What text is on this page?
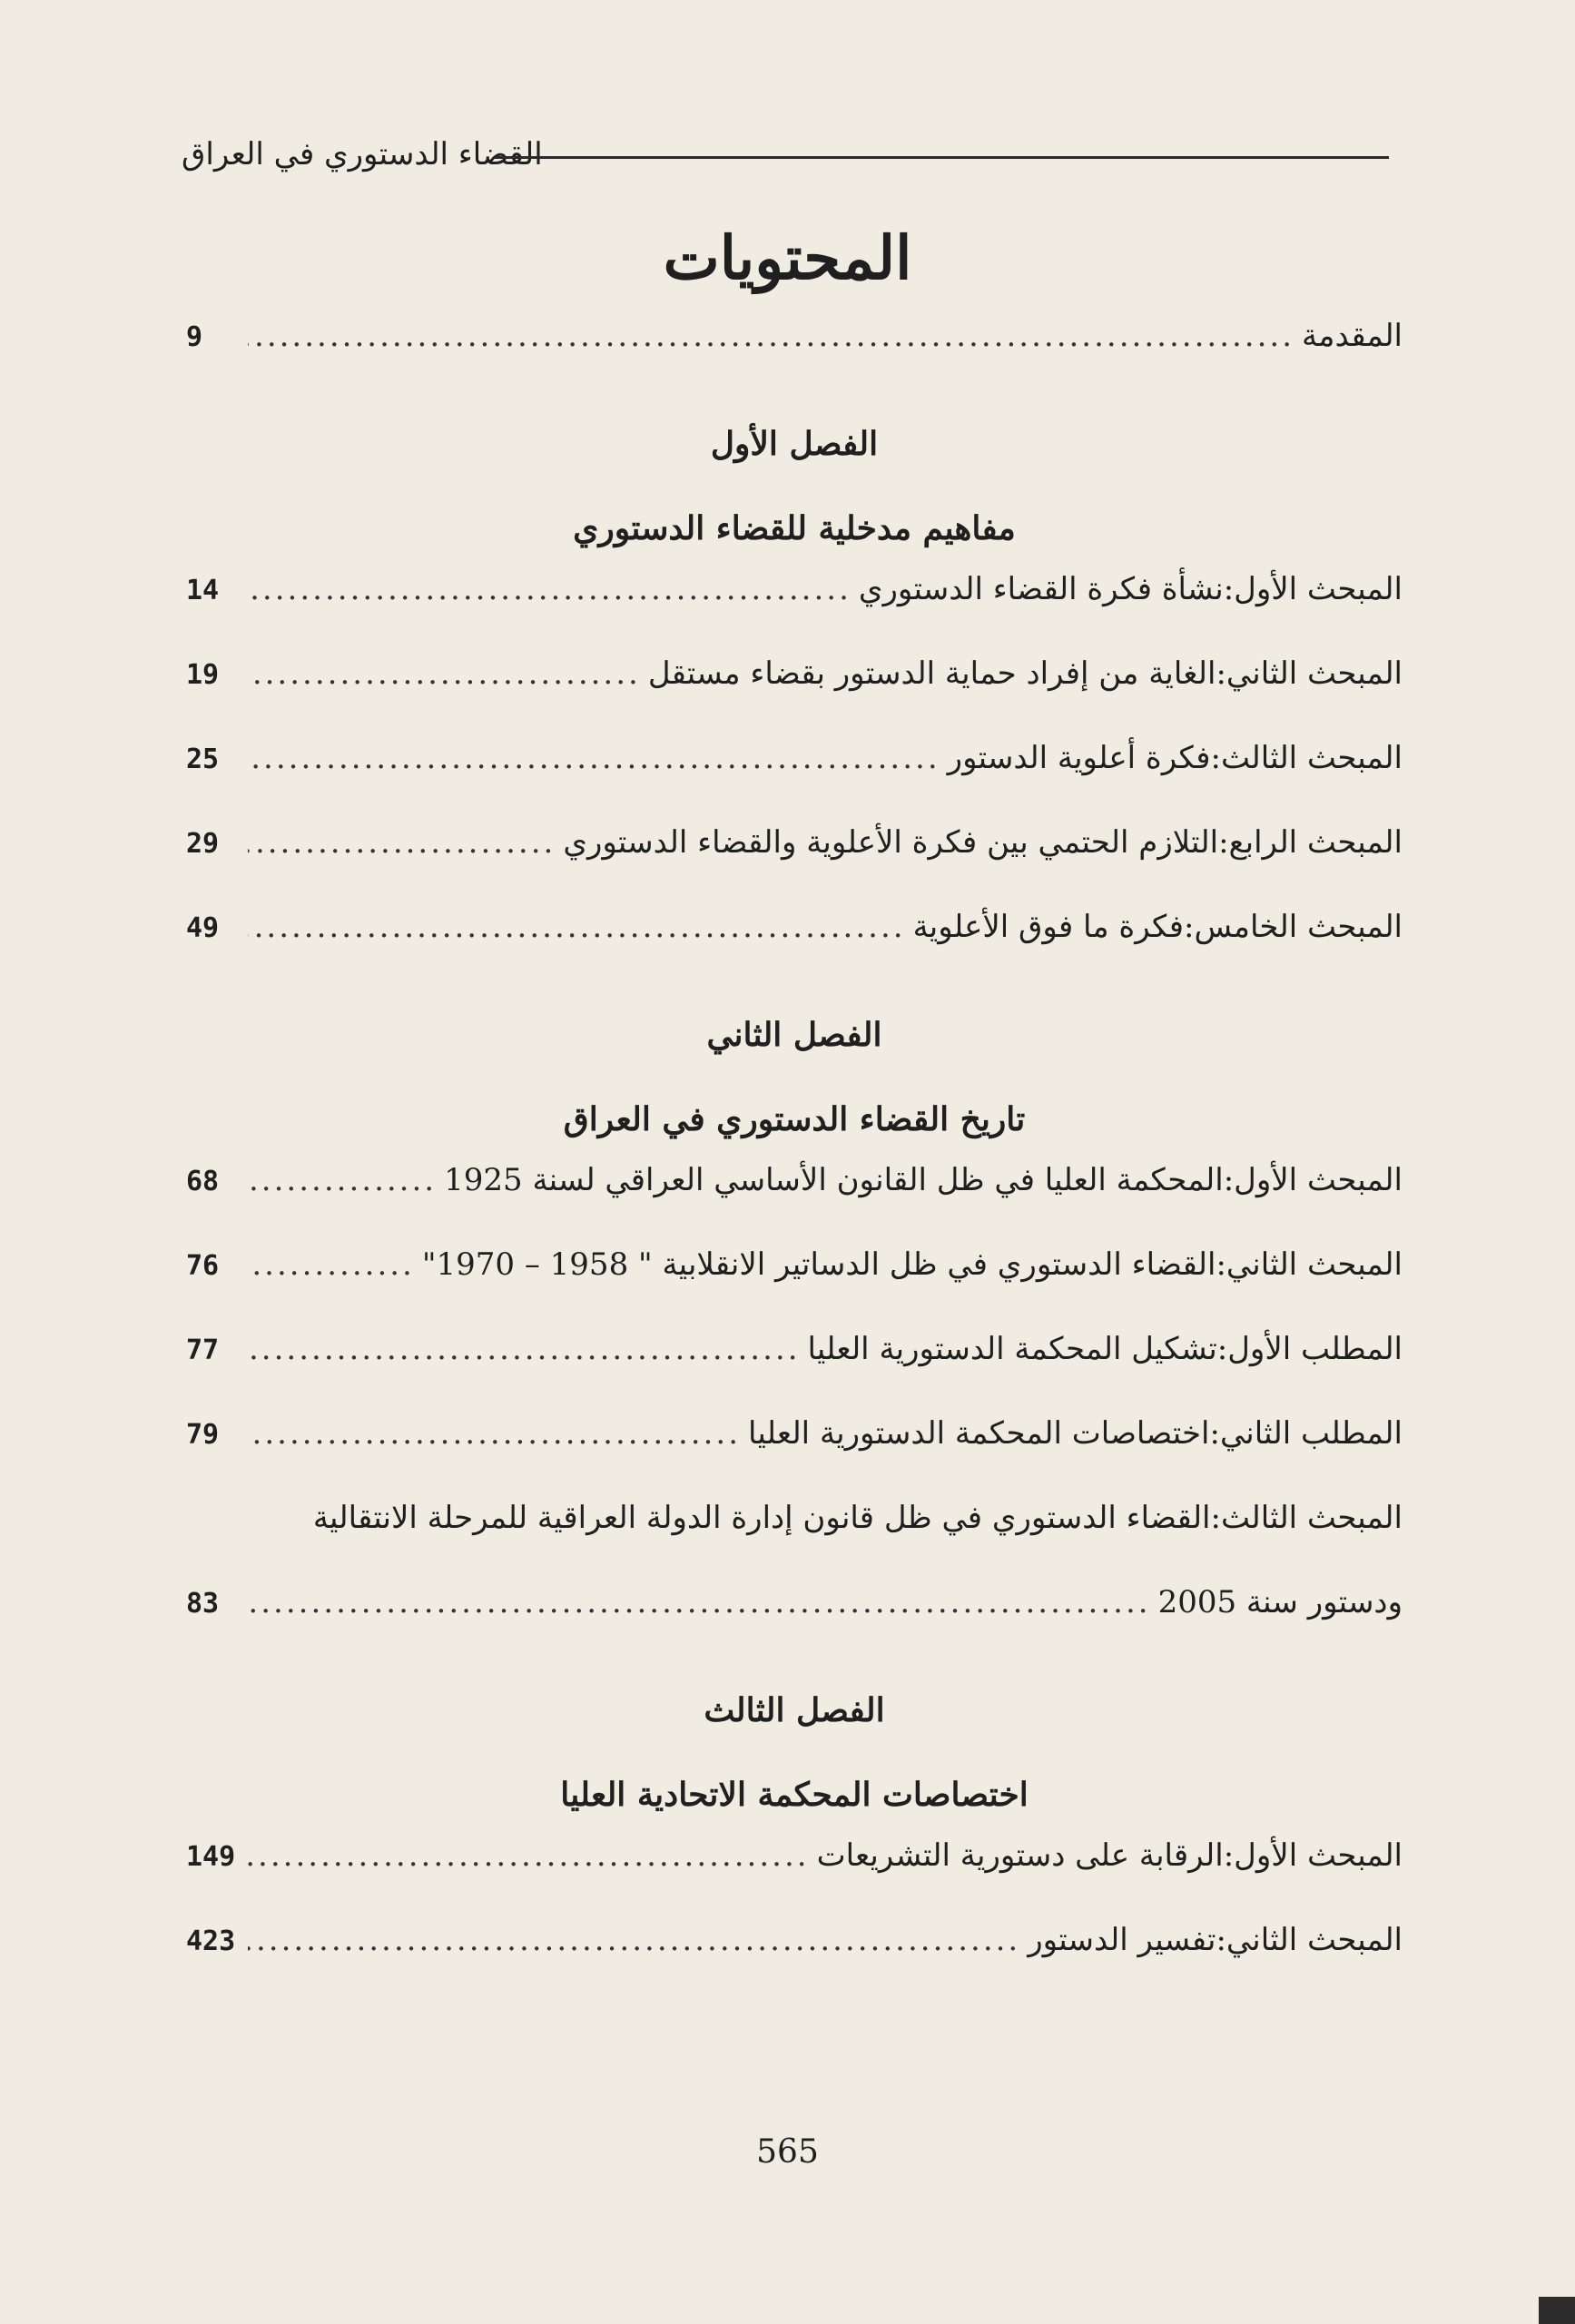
القضاء الدستوري في العراق
المحتويات
المقدمة
.....
9
الفصل الأول
مفاهيم مدخلية للقضاء الدستوري
المبحث الأول:نشأة فكرة القضاء الدستوري
.....
14
المبحث الثاني:الغاية من إفراد حماية الدستور بقضاء مستقل
.....
19
المبحث الثالث:فكرة أعلوية الدستور
.....
25
المبحث الرابع:التلازم الحتمي بين فكرة الأعلوية والقضاء الدستوري
.....
29
المبحث الخامس:فكرة ما فوق الأعلوية
.....
49
الفصل الثاني
تاريخ القضاء الدستوري في العراق
المبحث الأول:المحكمة العليا في ظل القانون الأساسي العراقي لسنة 1925
.....
68
المبحث الثاني:القضاء الدستوري في ظل الدساتير الانقلابية " 1958 – 1970"
.....
76
المطلب الأول:تشكيل المحكمة الدستورية العليا
.....
77
المطلب الثاني:اختصاصات المحكمة الدستورية العليا
.....
79
المبحث الثالث:القضاء الدستوري في ظل قانون إدارة الدولة العراقية للمرحلة الانتقالية
ودستور سنة 2005
.....
83
الفصل الثالث
اختصاصات المحكمة الاتحادية العليا
المبحث الأول:الرقابة على دستورية التشريعات
.....
149
المبحث الثاني:تفسير الدستور
.....
423
565
